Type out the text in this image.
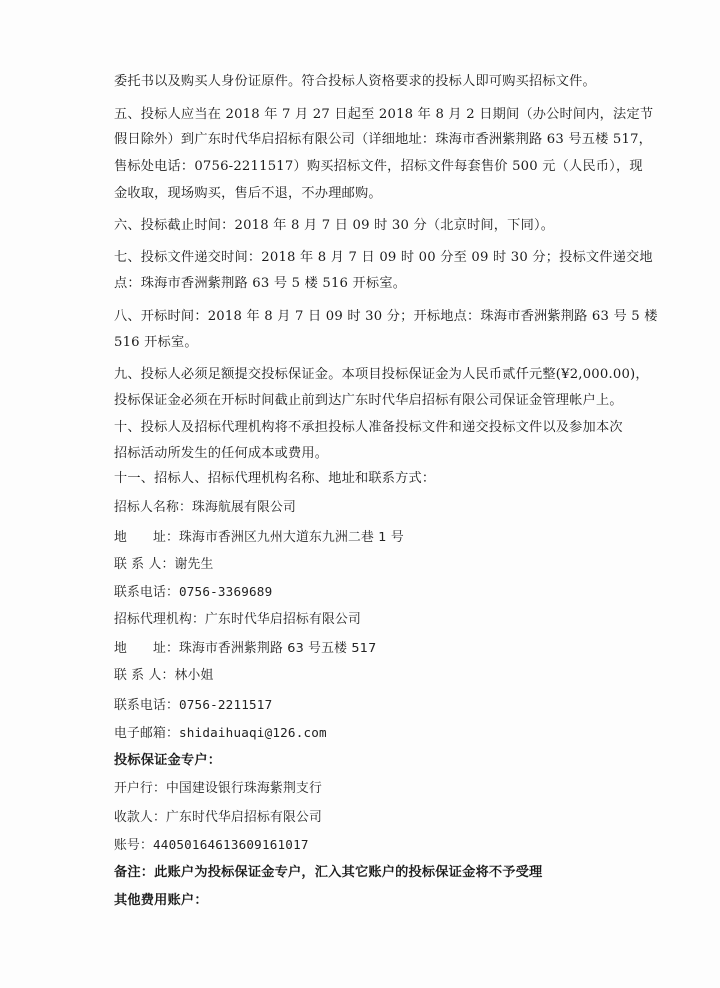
委托书以及购买人身份证原件。符合投标人资格要求的投标人即可购买招标文件。
五、投标人应当在 2018 年 7 月 27 日起至 2018 年 8 月 2 日期间（办公时间内，法定节
假日除外）到广东时代华启招标有限公司（详细地址：珠海市香洲紫荆路 63 号五楼 517，
售标处电话：0756-2211517）购买招标文件，招标文件每套售价 500 元（人民币），现
金收取，现场购买，售后不退，不办理邮购。
六、投标截止时间：2018 年 8 月 7 日 09 时 30 分（北京时间，下同）。
七、投标文件递交时间：2018 年 8 月 7 日 09 时 00 分至 09 时 30 分；投标文件递交地
点：珠海市香洲紫荆路 63 号 5 楼 516 开标室。
八、开标时间：2018 年 8 月 7 日 09 时 30 分；开标地点：珠海市香洲紫荆路 63 号 5 楼
516 开标室。
九、投标人必须足额提交投标保证金。本项目投标保证金为人民币贰仟元整(¥2,000.00)，
投标保证金必须在开标时间截止前到达广东时代华启招标有限公司保证金管理帐户上。
十、投标人及招标代理机构将不承担投标人准备投标文件和递交投标文件以及参加本次
招标活动所发生的任何成本或费用。
十一、招标人、招标代理机构名称、地址和联系方式：
招标人名称：珠海航展有限公司
地　　址：珠海市香洲区九州大道东九洲二巷 1 号
联 系 人：谢先生
联系电话：0756-3369689
招标代理机构：广东时代华启招标有限公司
地　　址：珠海市香洲紫荆路 63 号五楼 517
联 系 人：林小姐
联系电话：0756-2211517
电子邮箱：shidaihuaqi@126.com
投标保证金专户：
开户行：中国建设银行珠海紫荆支行
收款人：广东时代华启招标有限公司
账号：44050164613609161017
备注：此账户为投标保证金专户，汇入其它账户的投标保证金将不予受理
其他费用账户：
